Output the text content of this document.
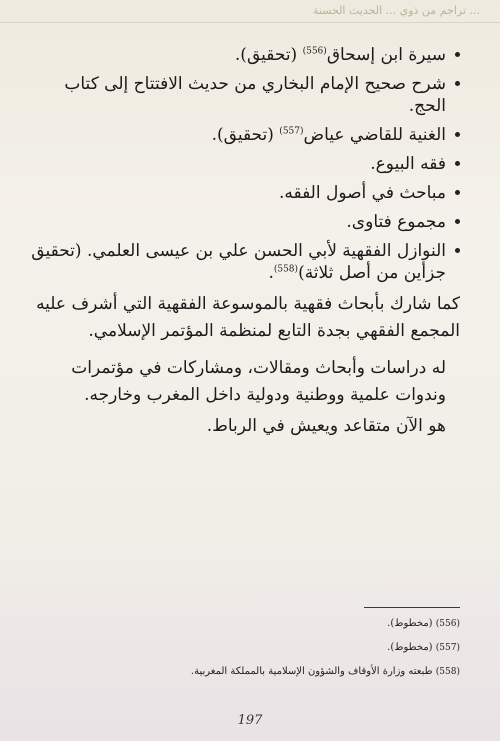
... تراجم من ذوي ... الحديث الحسنة
سيرة ابن إسحاق$^{(556)}$ (تحقيق).
شرح صحيح الإمام البخاري من حديث الافتتاح إلى كتاب الحج.
الغنية للقاضي عياض$^{(557)}$ (تحقيق).
فقه البيوع.
مباحث في أصول الفقه.
مجموع فتاوى.
النوازل الفقهية لأبي الحسن علي بن عيسى العلمي. (تحقيق جزأين من أصل ثلاثة)$^{(558)}$.
كما شارك بأبحاث فقهية بالموسوعة الفقهية التي أشرف عليه المجمع الفقهي بجدة التابع لمنظمة المؤتمر الإسلامي.
له دراسات وأبحاث ومقالات، ومشاركات في مؤتمرات وندوات علمية ووطنية ودولية داخل المغرب وخارجه.
هو الآن متقاعد ويعيش في الرباط.
(556) (مخطوط).
(557) (مخطوط).
(558) طبعته وزارة الأوقاف والشؤون الإسلامية بالمملكة المغربية.
197
